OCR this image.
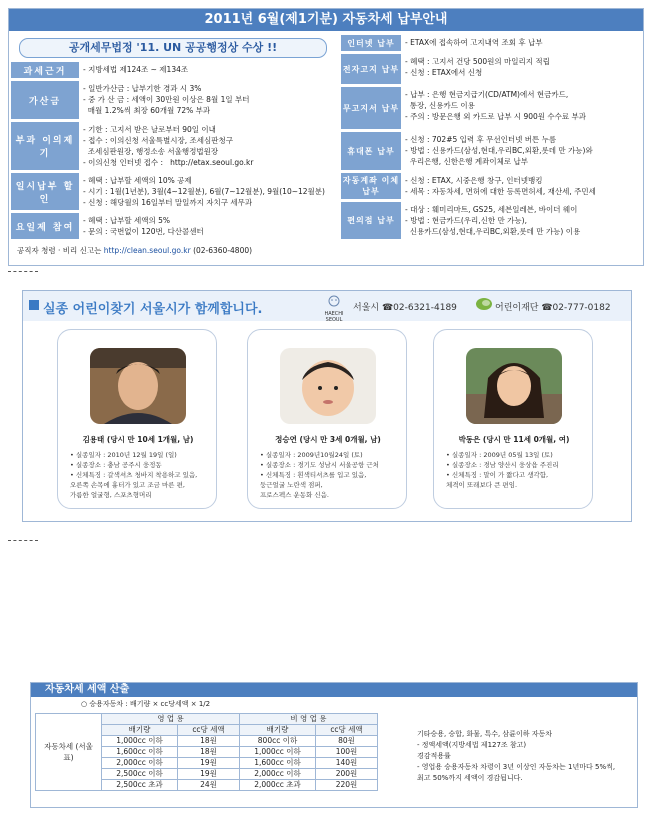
2011년 6월(제1기분) 자동차세 납부안내
공개세무법정 '11. UN 공공행정상 수상 !!
과세근거	- 지방세법 제124조 ~ 제134조
가산금
- 일반가산금 : 납부기한 경과 시 3%
- 중 가 산 금 : 세액이 30만원 이상은 8월 1일 부터
매월 1.2%씩 최장 60개월 72% 부과
부과 이의제기
- 기한 : 고지서 받은 날로부터 90일 이내
- 접수 : 이의신청 서울특별시장, 조세심판청구
조세심판원장, 행정소송 서울행정법원장
- 이의신청 인터넷 접수 :   http://etax.seoul.go.kr
일시납부 할인
- 혜택 : 납부할 세액의 10% 공제
- 시기 : 1월(1년분), 3월(4~12월분), 6월(7~12월분), 9월(10~12월분)
- 신청 : 해당월의 16일부터 말일까지 자치구 세무과
요일제 참여
- 혜택 : 납부할 세액의 5%
- 문의 : 국번없이 120번, 다산콜센터
공직자 청렴 · 비리 신고는 http://clean.seoul.go.kr (02-6360-4800)
인터넷 납부	- ETAX에 접속하여 고지내역 조회 후 납부
전자고지 납부
- 혜택 : 고지서 건당 500원의 마일리지 적립
- 신청 : ETAX에서 신청
무고지서 납부
- 납부 : 은행 현금지급기(CD/ATM)에서 현금카드,
통장, 신용카드 이용
- 주의 : 방문은행 외 카드로 납부 시 900원 수수료 부과
휴대폰 납부
- 신청 : 702#5 입력 후 무선인터넷 버튼 누름
- 방법 : 신용카드(삼성,현대,우리BC,외환,롯데 만 가능)와
우리은행, 신한은행 계좌이체로 납부
자동계좌 이체납부
- 신청 : ETAX, 시중은행 창구, 인터넷뱅킹
- 세목 : 자동차세, 면허에 대한 등록면허세, 재산세, 주민세
편의점 납부
- 대상 : 훼미리마트, GS25, 세븐일레븐, 바이더 웨이
- 방법 : 현금카드(우리,신한 만 가능),
신용카드(삼성,현대,우리BC,외환,롯데 만 가능) 이용
실종 어린이찾기 서울시가 함께합니다.	HAECHI SEOUL
서울시 ☎02-6321-4189	어린이재단 ☎02-777-0182
김용태 (당시 만 10세 1개월, 남)
• 실종일자 : 2010년 12월 19일 (일)
• 실종장소 : 충남 공주시 웅정동
• 신체특징 : 갈색셔츠 청바지 착용하고 있음,
오른쪽 손목에 흉터가 있고 조금 마른 편,
가름한 얼굴형, 스포츠형머리
정승연 (당시 만 3세 0개월, 남)
• 실종일자 : 2009년10월24일 (토)
• 실종장소 : 경기도 성남시 서울공항 근처
• 신체특징 : 흰색티셔츠를 입고 있음,
둥근얼굴 노란색 점퍼,
프로스펙스 운동화 신음.
박동은 (당시 만 11세 0개월, 여)
• 실종일자 : 2009년 05월 13일 (토)
• 실종장소 : 경남 양산시 웅상읍 주진리
• 신체특징 : 말이 가 짧다고 생각함,
체격이 또래보다 큰 편임.
자동차세 세액 산출
○ 승용자동차 : 배기량 × cc당세액 × 1/2
자동차세 (서울표)	영 업 용		비 영 업 용	
	배기량	cc당 세액	배기량	cc당 세액
	1,000cc 이하	18원	800cc 이하	80원
	1,600cc 이하	18원	1,000cc 이하	100원
	2,000cc 이하	19원	1,600cc 이하	140원
	2,500cc 이하	19원	2,000cc 이하	200원
	2,500cc 초과	24원	2,000cc 초과	220원
기타승용, 승합, 화물, 특수, 삼륜이하 자동차
- 정액세액(지방세법 제127조 참고)
경감적용률
- 영업용 승용자동차 차령이 3년 이상인 자동차는 1년마다 5%씩,
최고 50%까지 세액이 경감됩니다.
